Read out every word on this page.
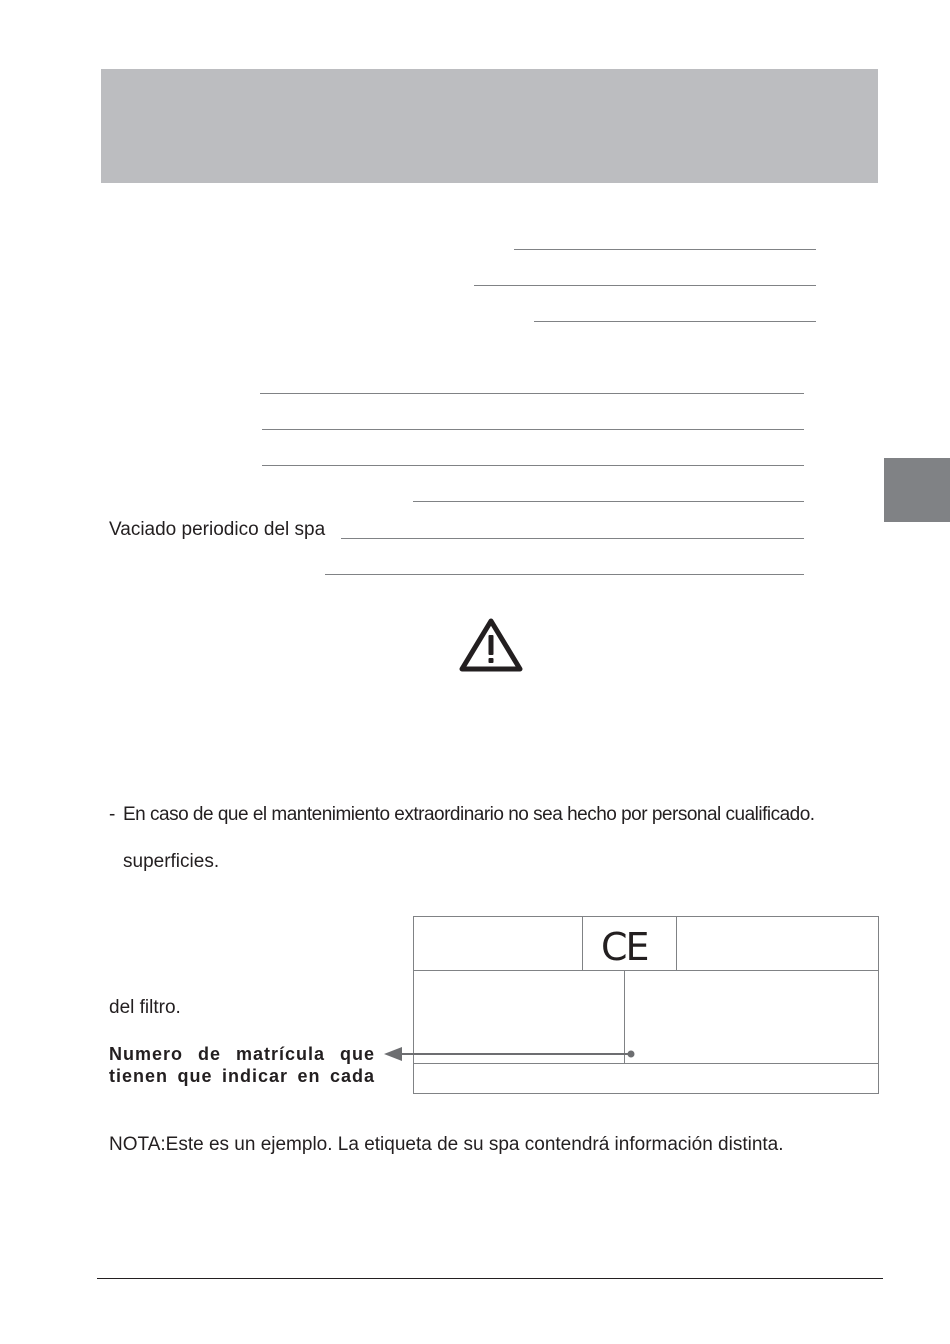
Vaciado periodico del spa
- En caso de que el mantenimiento extraordinario no sea hecho por personal cualificado.
superficies.
del filtro.
Numero de matrícula que
tienen que indicar en cada
CE
NOTA:Este es un ejemplo. La etiqueta de su spa contendrá información distinta.
